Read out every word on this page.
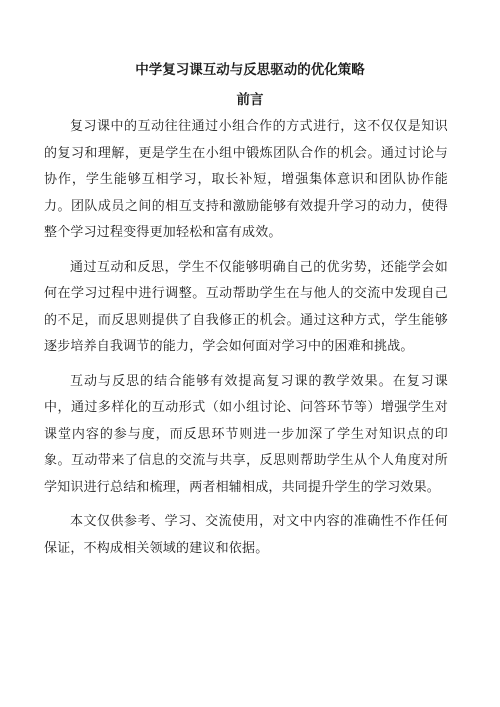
中学复习课互动与反思驱动的优化策略
前言

复习课中的互动往往通过小组合作的方式进行，这不仅仅是知识的复习和理解，更是学生在小组中锻炼团队合作的机会。通过讨论与协作，学生能够互相学习，取长补短，增强集体意识和团队协作能力。团队成员之间的相互支持和激励能够有效提升学习的动力，使得整个学习过程变得更加轻松和富有成效。

通过互动和反思，学生不仅能够明确自己的优劣势，还能学会如何在学习过程中进行调整。互动帮助学生在与他人的交流中发现自己的不足，而反思则提供了自我修正的机会。通过这种方式，学生能够逐步培养自我调节的能力，学会如何面对学习中的困难和挑战。

互动与反思的结合能够有效提高复习课的教学效果。在复习课中，通过多样化的互动形式（如小组讨论、问答环节等）增强学生对课堂内容的参与度，而反思环节则进一步加深了学生对知识点的印象。互动带来了信息的交流与共享，反思则帮助学生从个人角度对所学知识进行总结和梳理，两者相辅相成，共同提升学生的学习效果。

本文仅供参考、学习、交流使用，对文中内容的准确性不作任何保证，不构成相关领域的建议和依据。
